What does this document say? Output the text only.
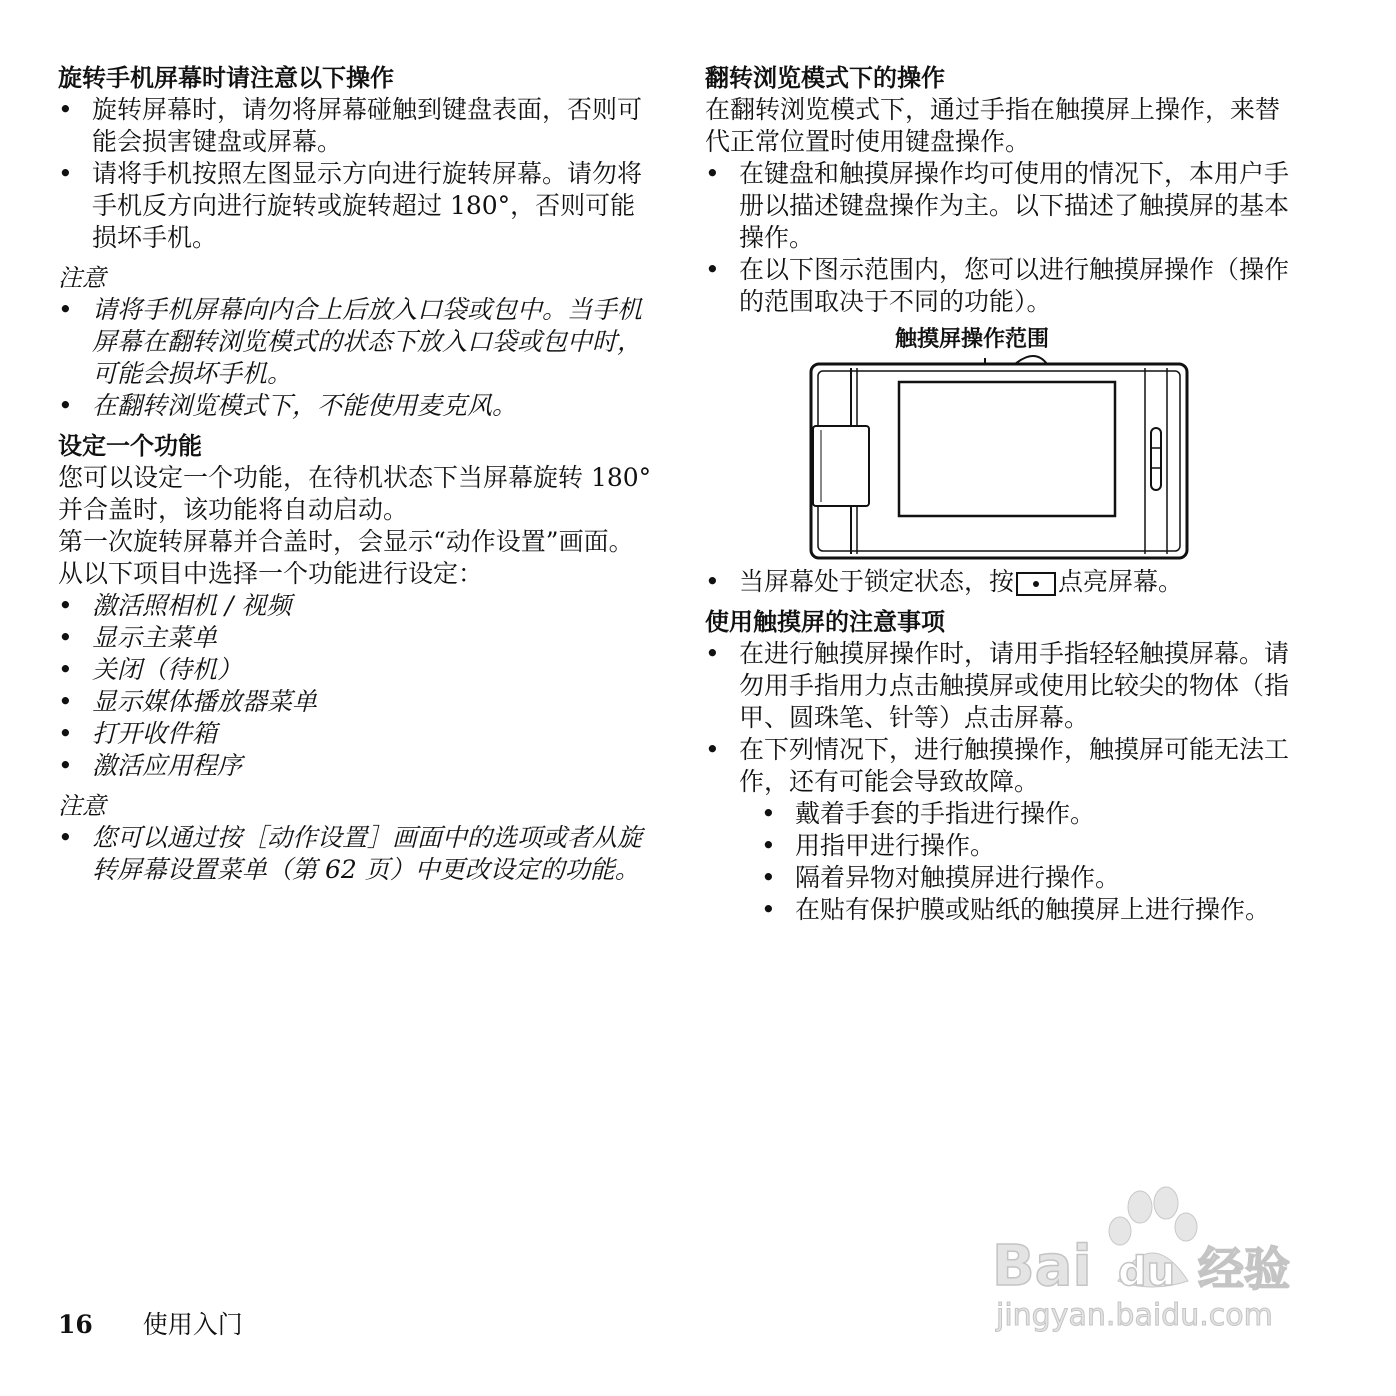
旋转手机屏幕时请注意以下操作
• 旋转屏幕时，请勿将屏幕碰触到键盘表面，否则可能会损害键盘或屏幕。
• 请将手机按照左图显示方向进行旋转屏幕。请勿将手机反方向进行旋转或旋转超过 180°，否则可能损坏手机。
注意
• 请将手机屏幕向内合上后放入口袋或包中。当手机屏幕在翻转浏览模式的状态下放入口袋或包中时，可能会损坏手机。
• 在翻转浏览模式下，不能使用麦克风。
设定一个功能

您可以设定一个功能，在待机状态下当屏幕旋转 180° 并合盖时，该功能将自动启动。

第一次旋转屏幕并合盖时，会显示“动作设置”画面。

从以下项目中选择一个功能进行设定：

• 激活照相机 / 视频
• 显示主菜单
• 关闭（待机）
• 显示媒体播放器菜单
• 打开收件箱
• 激活应用程序
注意
• 您可以通过按［动作设置］画面中的选项或者从旋转屏幕设置菜单（第 62 页）中更改设定的功能。
翻转浏览模式下的操作

在翻转浏览模式下，通过手指在触摸屏上操作，来替代正常位置时使用键盘操作。

• 在键盘和触摸屏操作均可使用的情况下，本用户手册以描述键盘操作为主。以下描述了触摸屏的基本操作。
• 在以下图示范围内，您可以进行触摸屏操作（操作的范围取决于不同的功能）。
触摸屏操作范围
• 当屏幕处于锁定状态，按 点亮屏幕。
使用触摸屏的注意事项
• 在进行触摸屏操作时，请用手指轻轻触摸屏幕。请勿用手指用力点击触摸屏或使用比较尖的物体（指甲、圆珠笔、针等）点击屏幕。
• 在下列情况下，进行触摸操作，触摸屏可能无法工作，还有可能会导致故障。
• 戴着手套的手指进行操作。
• 用指甲进行操作。
• 隔着异物对触摸屏进行操作。
• 在贴有保护膜或贴纸的触摸屏上进行操作。
16 使用入门
Bai du 经验
jingyan.baidu.com
